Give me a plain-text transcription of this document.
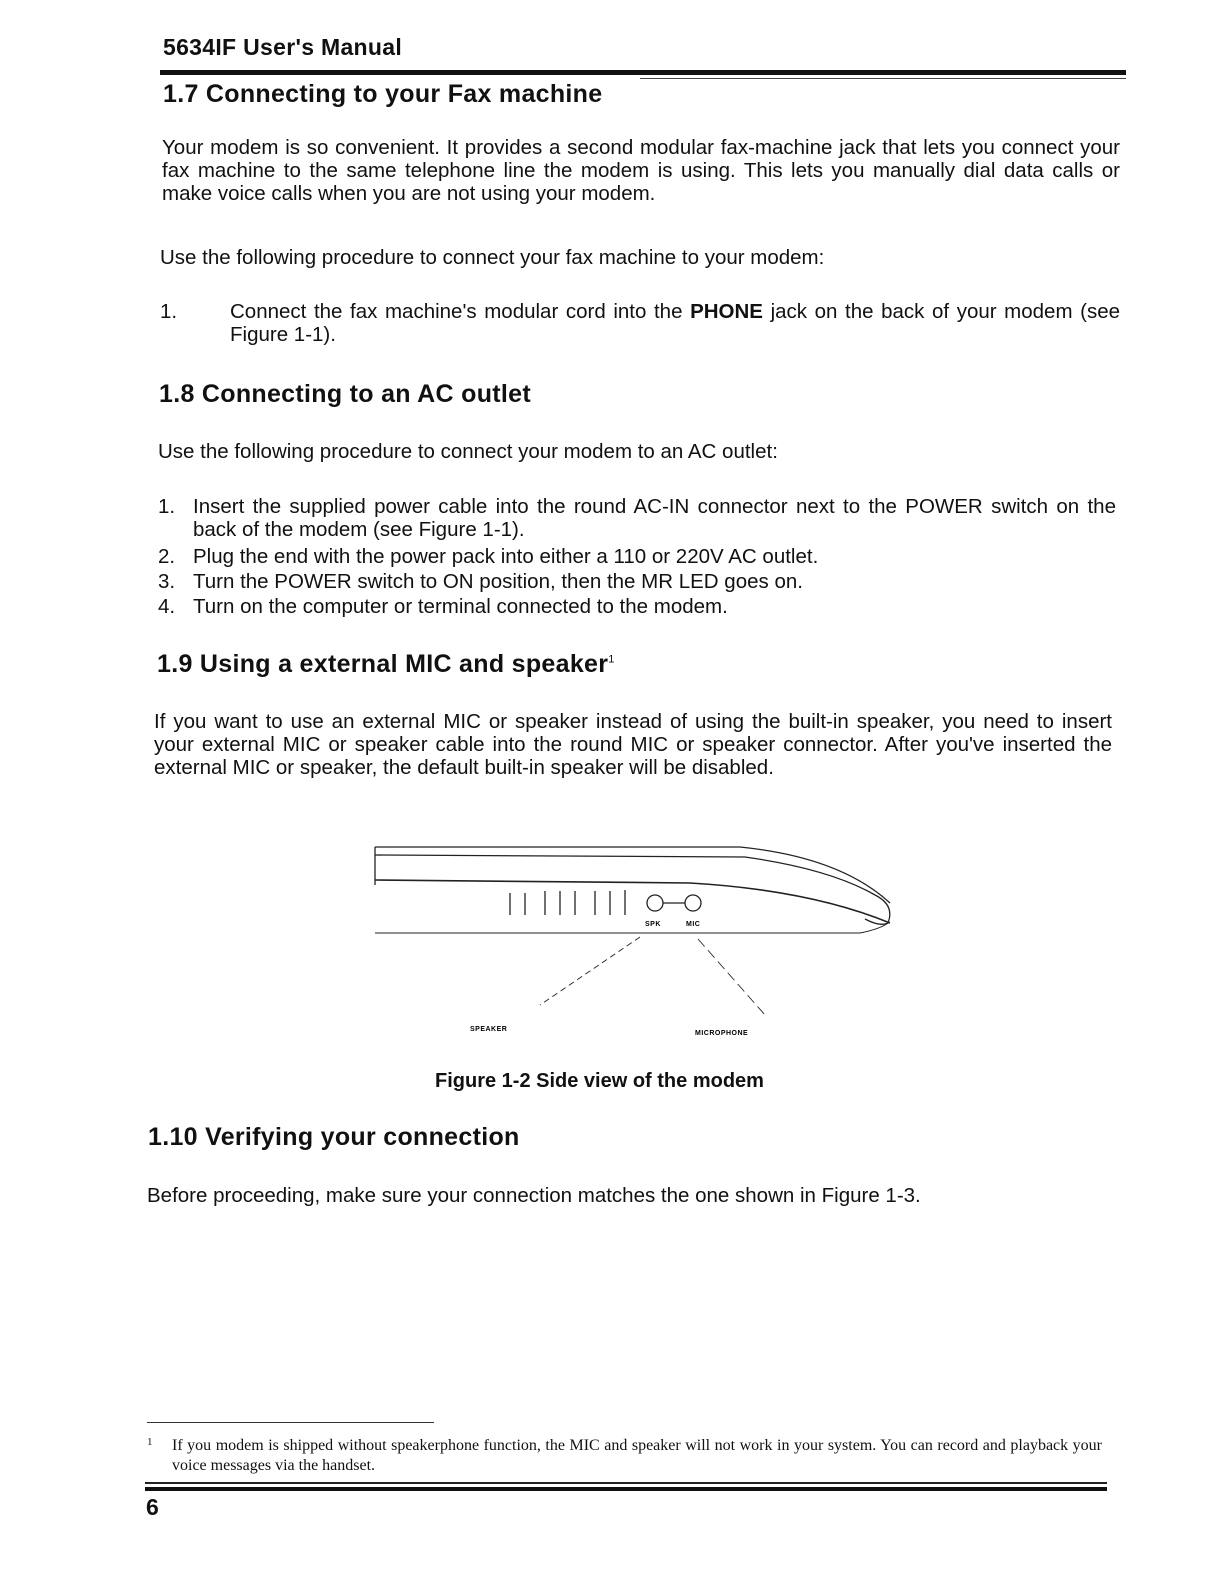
5634IF User's Manual
1.7 Connecting to your Fax machine

Your modem is so convenient. It provides a second modular fax-machine jack that lets you connect your fax machine to the same telephone line the modem is using. This lets you manually dial data calls or make voice calls when you are not using your modem.

Use the following procedure to connect your fax machine to your modem:

1.	Connect the fax machine's modular cord into the PHONE jack on the back of your modem (see Figure 1-1).
1.8 Connecting to an AC outlet

Use the following procedure to connect your modem to an AC outlet:

1. Insert the supplied power cable into the round AC-IN connector next to the POWER switch on the back of the modem (see Figure 1-1).
2. Plug the end with the power pack into either a 110 or 220V AC outlet.
3. Turn the POWER switch to ON position, then the MR LED goes on.
4. Turn on the computer or terminal connected to the modem.
1.9 Using a external MIC and speaker$^1$

If you want to use an external MIC or speaker instead of using the built-in speaker, you need to insert your external MIC or speaker cable into the round MIC or speaker connector. After you've inserted the external MIC or speaker, the default built-in speaker will be disabled.

SPK	MIC
SPEAKER
MICROPHONE
Figure 1-2 Side view of the modem
1.10 Verifying your connection

Before proceeding, make sure your connection matches the one shown in Figure 1-3.

1 If you modem is shipped without speakerphone function, the MIC and speaker will not work in your system. You can record and playback your voice messages via the handset.
6
